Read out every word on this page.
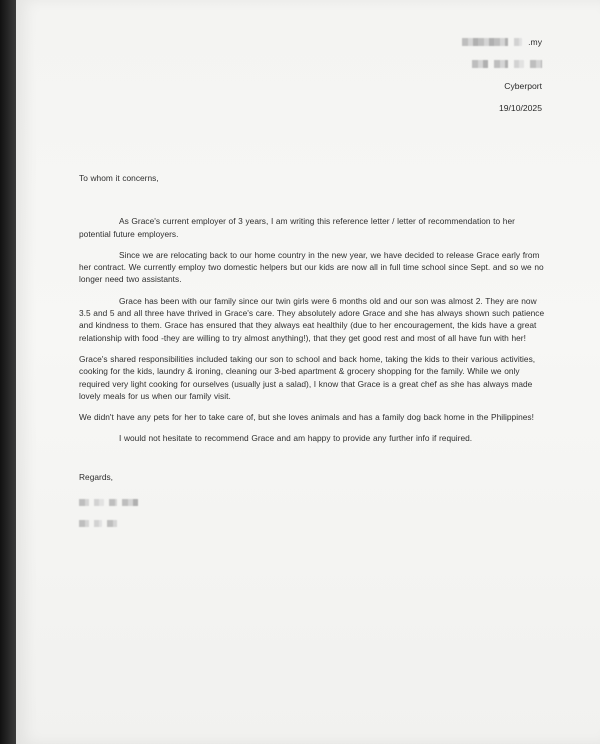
.my
Cyberport
19/10/2025

To whom it concerns,

As Grace's current employer of 3 years, I am writing this reference letter / letter of recommendation to her potential future employers.

Since we are relocating back to our home country in the new year, we have decided to release Grace early from her contract. We currently employ two domestic helpers but our kids are now all in full time school since Sept. and so we no longer need two assistants.

Grace has been with our family since our twin girls were 6 months old and our son was almost 2. They are now 3.5 and 5 and all three have thrived in Grace's care. They absolutely adore Grace and she has always shown such patience and kindness to them. Grace has ensured that they always eat healthily (due to her encouragement, the kids have a great relationship with food -they are willing to try almost anything!), that they get good rest and most of all have fun with her!

Grace's shared responsibilities included taking our son to school and back home, taking the kids to their various activities, cooking for the kids, laundry & ironing, cleaning our 3-bed apartment & grocery shopping for the family. While we only required very light cooking for ourselves (usually just a salad), I know that Grace is a great chef as she has always made lovely meals for us when our family visit.

We didn't have any pets for her to take care of, but she loves animals and has a family dog back home in the Philippines!

I would not hesitate to recommend Grace and am happy to provide any further info if required.

Regards,
